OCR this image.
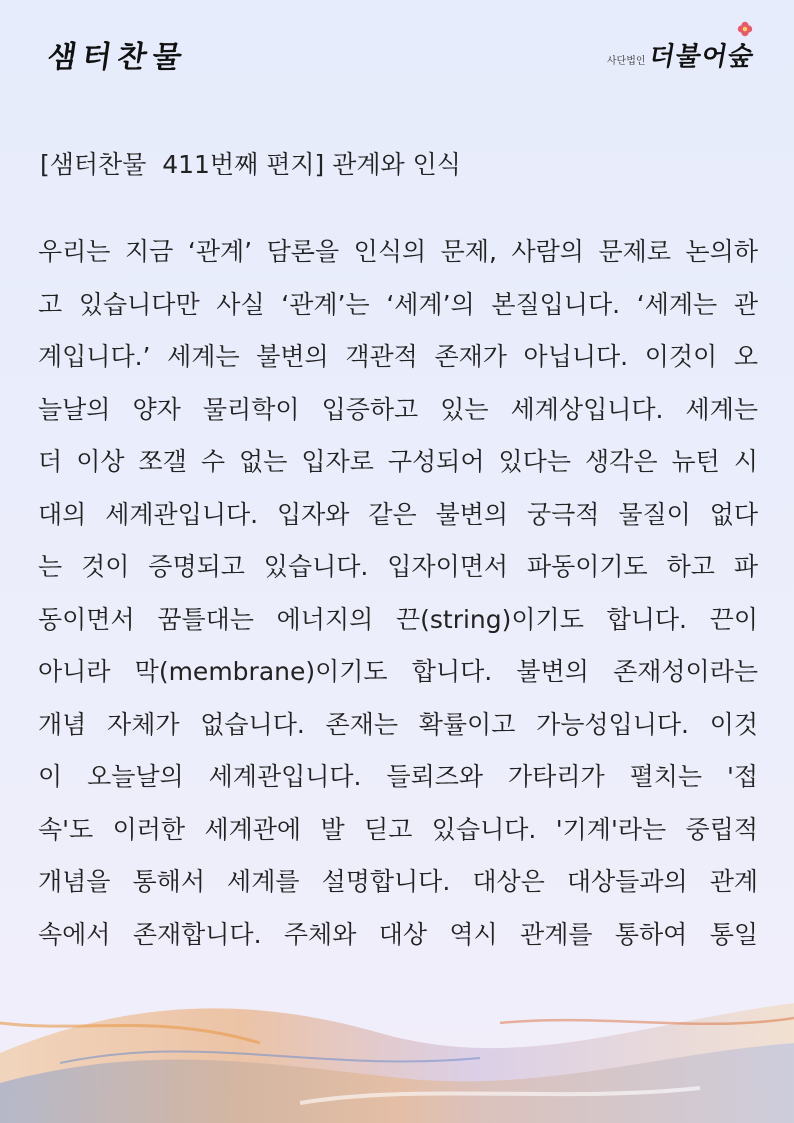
샘터찬물	사단법인 더불어숲
[샘터찬물  411번째 편지] 관계와 인식
우리는 지금 ‘관계’ 담론을 인식의 문제, 사람의 문제로 논의하
고 있습니다만 사실 ‘관계’는 ‘세계’의 본질입니다. ‘세계는 관
계입니다.’ 세계는 불변의 객관적 존재가 아닙니다. 이것이 오
늘날의 양자 물리학이 입증하고 있는 세계상입니다. 세계는
더 이상 쪼갤 수 없는 입자로 구성되어 있다는 생각은 뉴턴 시
대의 세계관입니다. 입자와 같은 불변의 궁극적 물질이 없다
는 것이 증명되고 있습니다. 입자이면서 파동이기도 하고 파
동이면서 꿈틀대는 에너지의 끈(string)이기도 합니다. 끈이
아니라 막(membrane)이기도 합니다. 불변의 존재성이라는
개념 자체가 없습니다. 존재는 확률이고 가능성입니다. 이것
이 오늘날의 세계관입니다. 들뢰즈와 가타리가 펼치는 '접
속'도 이러한 세계관에 발 딛고 있습니다. '기계'라는 중립적
개념을 통해서 세계를 설명합니다. 대상은 대상들과의 관계
속에서 존재합니다. 주체와 대상 역시 관계를 통하여 통일
